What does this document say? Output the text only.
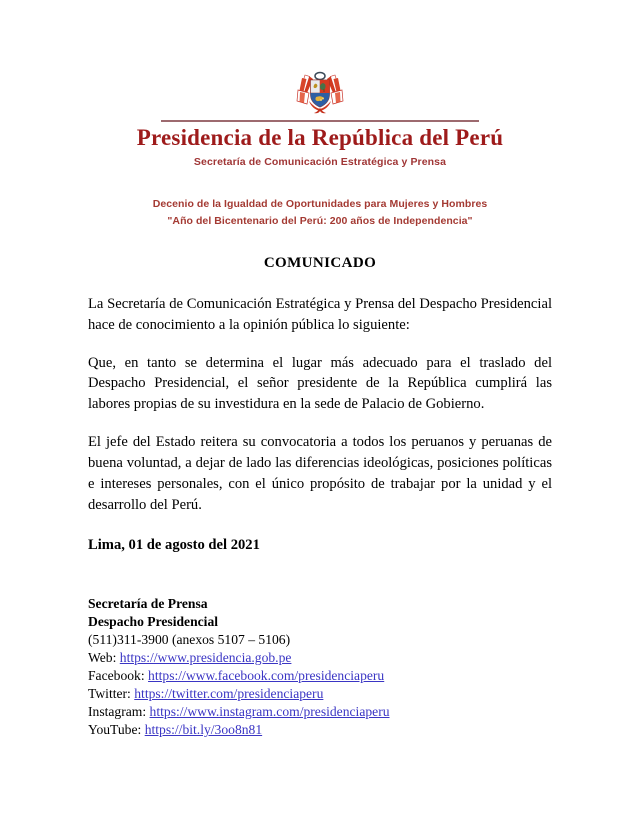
Presidencia de la República del Perú
Secretaría de Comunicación Estratégica y Prensa
Decenio de la Igualdad de Oportunidades para Mujeres y Hombres
"Año del Bicentenario del Perú: 200 años de Independencia"
COMUNICADO

La Secretaría de Comunicación Estratégica y Prensa del Despacho Presidencial hace de conocimiento a la opinión pública lo siguiente:

Que, en tanto se determina el lugar más adecuado para el traslado del Despacho Presidencial, el señor presidente de la República cumplirá las labores propias de su investidura en la sede de Palacio de Gobierno.

El jefe del Estado reitera su convocatoria a todos los peruanos y peruanas de buena voluntad, a dejar de lado las diferencias ideológicas, posiciones políticas e intereses personales, con el único propósito de trabajar por la unidad y el desarrollo del Perú.

Lima, 01 de agosto del 2021

Secretaría de Prensa
Despacho Presidencial
(511)311-3900 (anexos 5107 – 5106)
Web: https://www.presidencia.gob.pe
Facebook: https://www.facebook.com/presidenciaperu
Twitter: https://twitter.com/presidenciaperu
Instagram: https://www.instagram.com/presidenciaperu
YouTube: https://bit.ly/3oo8n81
